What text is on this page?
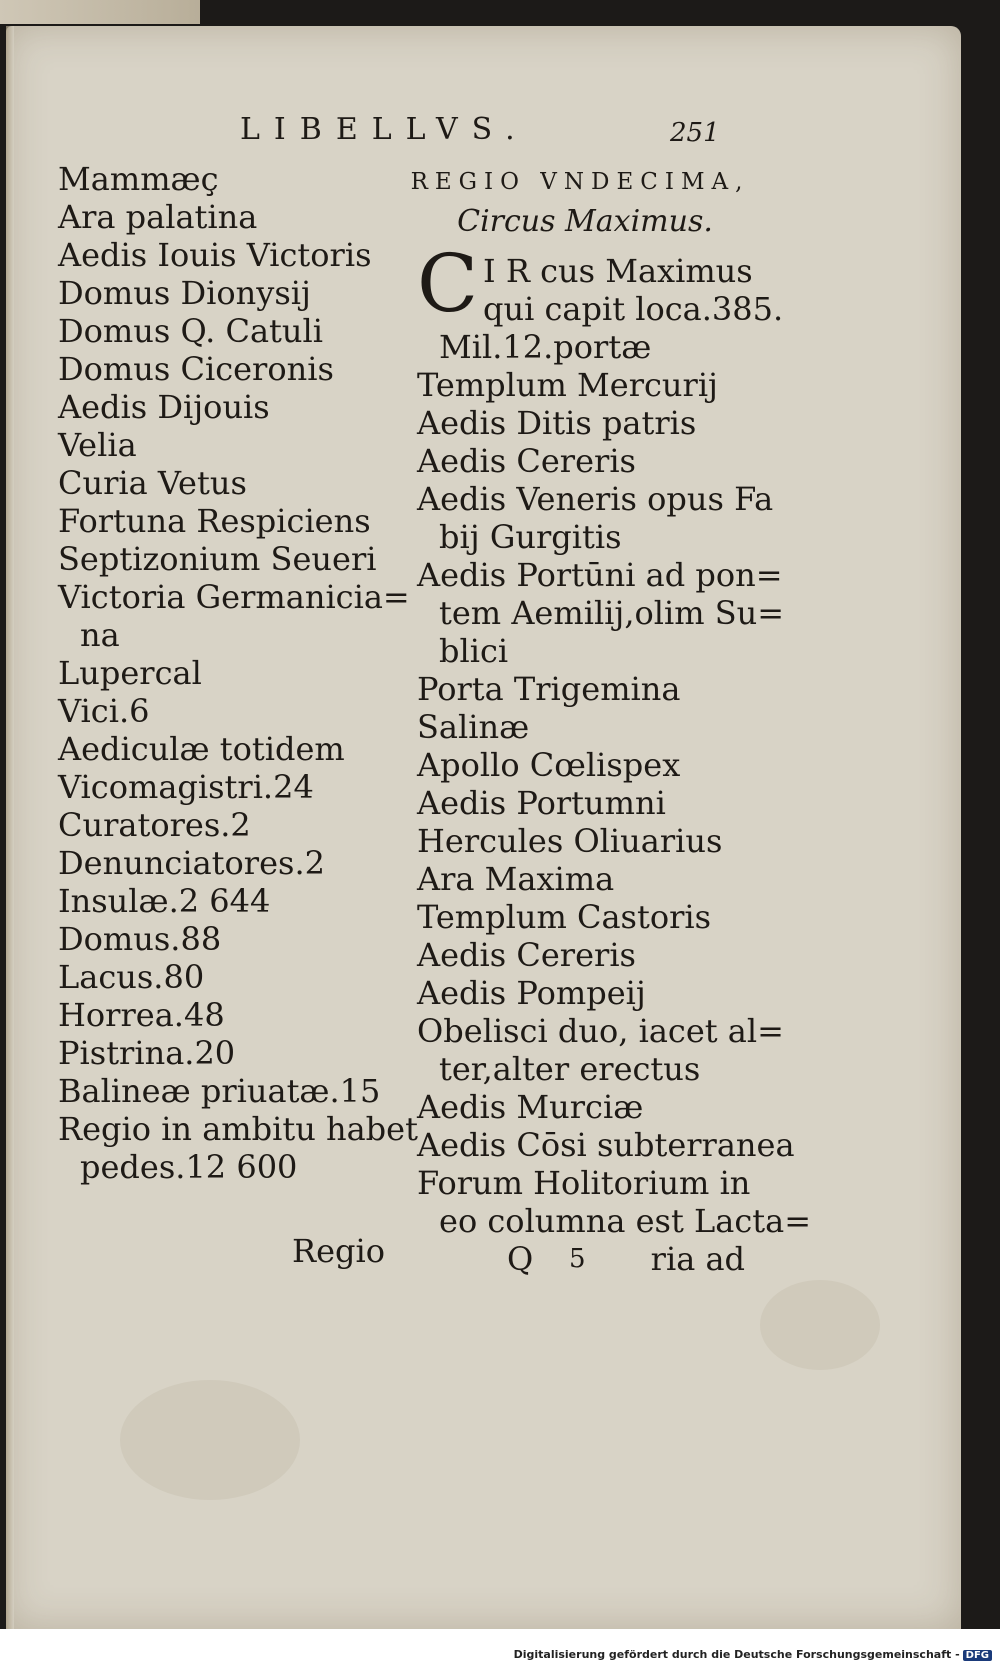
LIBELLVS.	251
Mammæç
Ara palatina
Aedis Iouis Victoris
Domus Dionysij
Domus Q. Catuli
Domus Ciceronis
Aedis Dijouis
Velia
Curia Vetus
Fortuna Respiciens
Septizonium Seueri
Victoria Germanicia=
na
Lupercal
Vici.6
Aediculæ totidem
Vicomagistri.24
Curatores.2
Denunciatores.2
Insulæ.2 644
Domus.88
Lacus.80
Horrea.48
Pistrina.20
Balineæ priuatæ.15
Regio in ambitu habet
pedes.12 600
Regio
REGIO VNDECIMA,
Circus Maximus.
C I R cus Maximus
qui capit loca.385.
Mil.12.portæ
Templum Mercurij
Aedis Ditis patris
Aedis Cereris
Aedis Veneris opus Fa
bij Gurgitis
Aedis Portūni ad pon=
tem Aemilij,olim Su=
blici
Porta Trigemina
Salinæ
Apollo Cœlispex
Aedis Portumni
Hercules Oliuarius
Ara Maxima
Templum Castoris
Aedis Cereris
Aedis Pompeij
Obelisci duo, iacet al=
ter,alter erectus
Aedis Murciæ
Aedis Cōsi subterranea
Forum Holitorium in
eo columna est Lacta=
Q 5 ria ad
Digitalisierung gefördert durch die Deutsche Forschungsgemeinschaft - DFG
